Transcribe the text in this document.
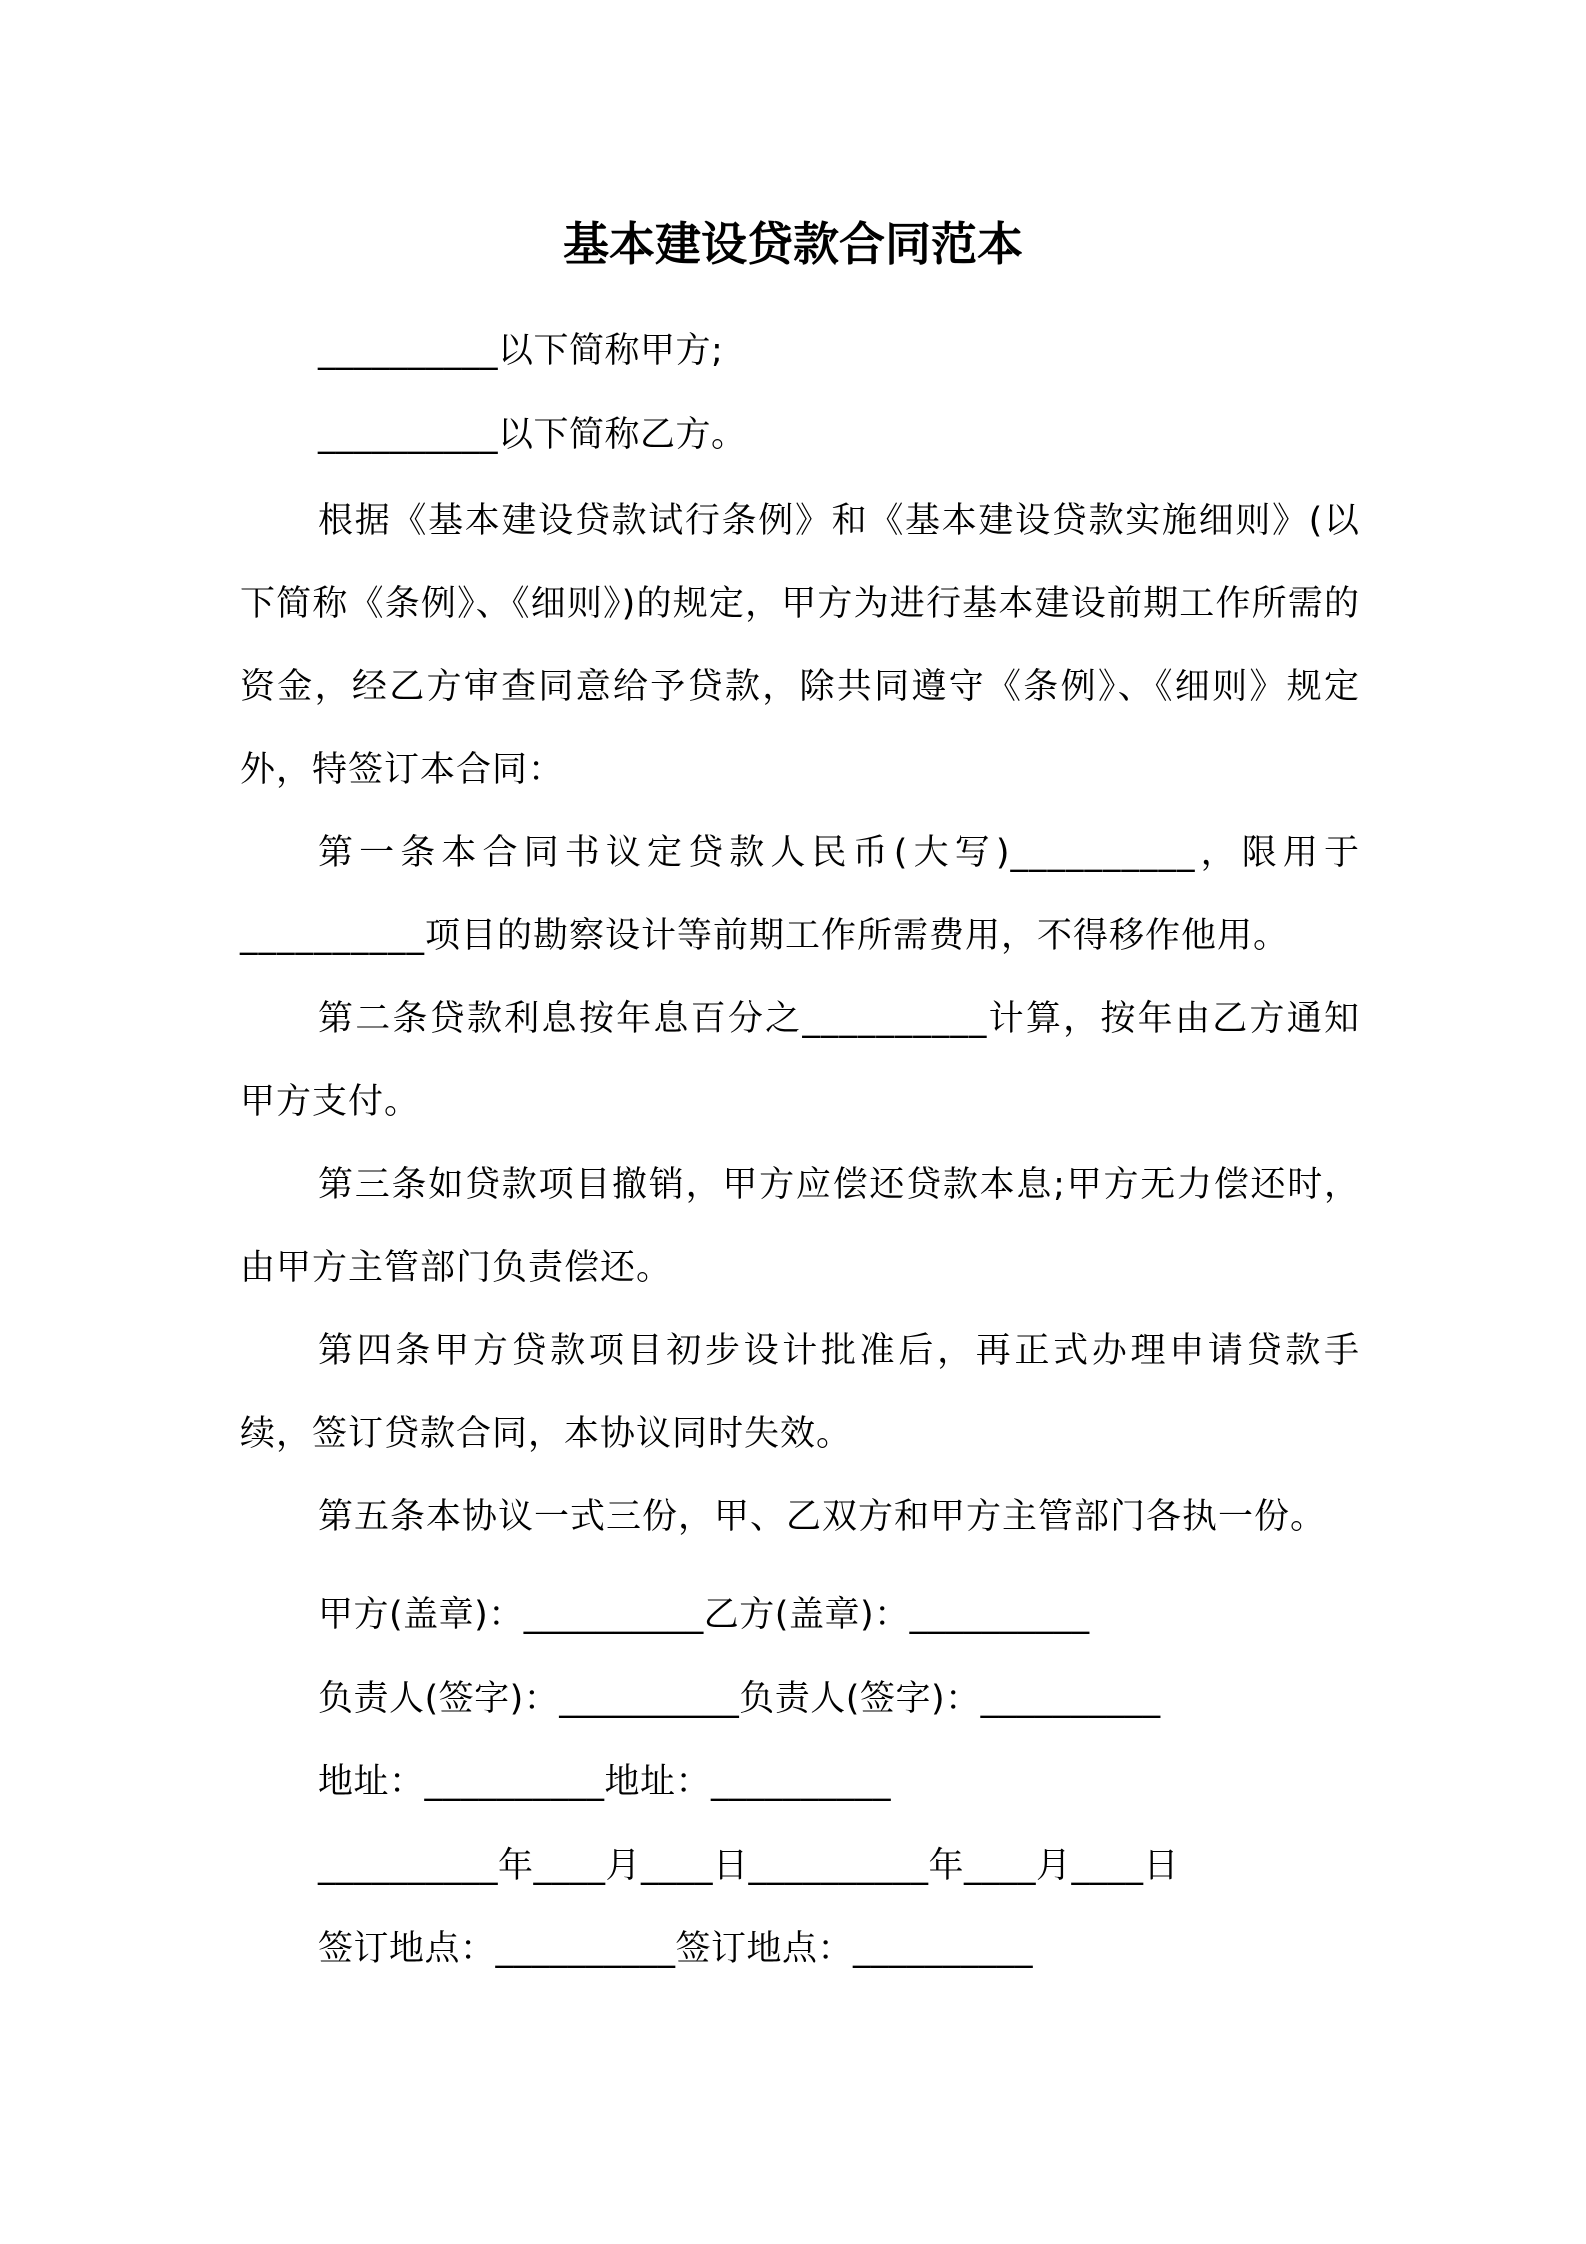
基本建设贷款合同范本
__________以下简称甲方;
__________以下简称乙方。
根据《基本建设贷款试行条例》和《基本建设贷款实施细则》(以下简称《条例》、《细则》)的规定，甲方为进行基本建设前期工作所需的资金，经乙方审查同意给予贷款，除共同遵守《条例》、《细则》规定外，特签订本合同：
第一条本合同书议定贷款人民币(大写)__________，限用于__________项目的勘察设计等前期工作所需费用，不得移作他用。
第二条贷款利息按年息百分之__________计算，按年由乙方通知甲方支付。
第三条如贷款项目撤销，甲方应偿还贷款本息;甲方无力偿还时，由甲方主管部门负责偿还。
第四条甲方贷款项目初步设计批准后，再正式办理申请贷款手续，签订贷款合同，本协议同时失效。
第五条本协议一式三份，甲、乙双方和甲方主管部门各执一份。
甲方(盖章)：__________乙方(盖章)：__________
负责人(签字)：__________负责人(签字)：__________
地址：__________地址：__________
__________年____月____日__________年____月____日
签订地点：__________签订地点：__________
